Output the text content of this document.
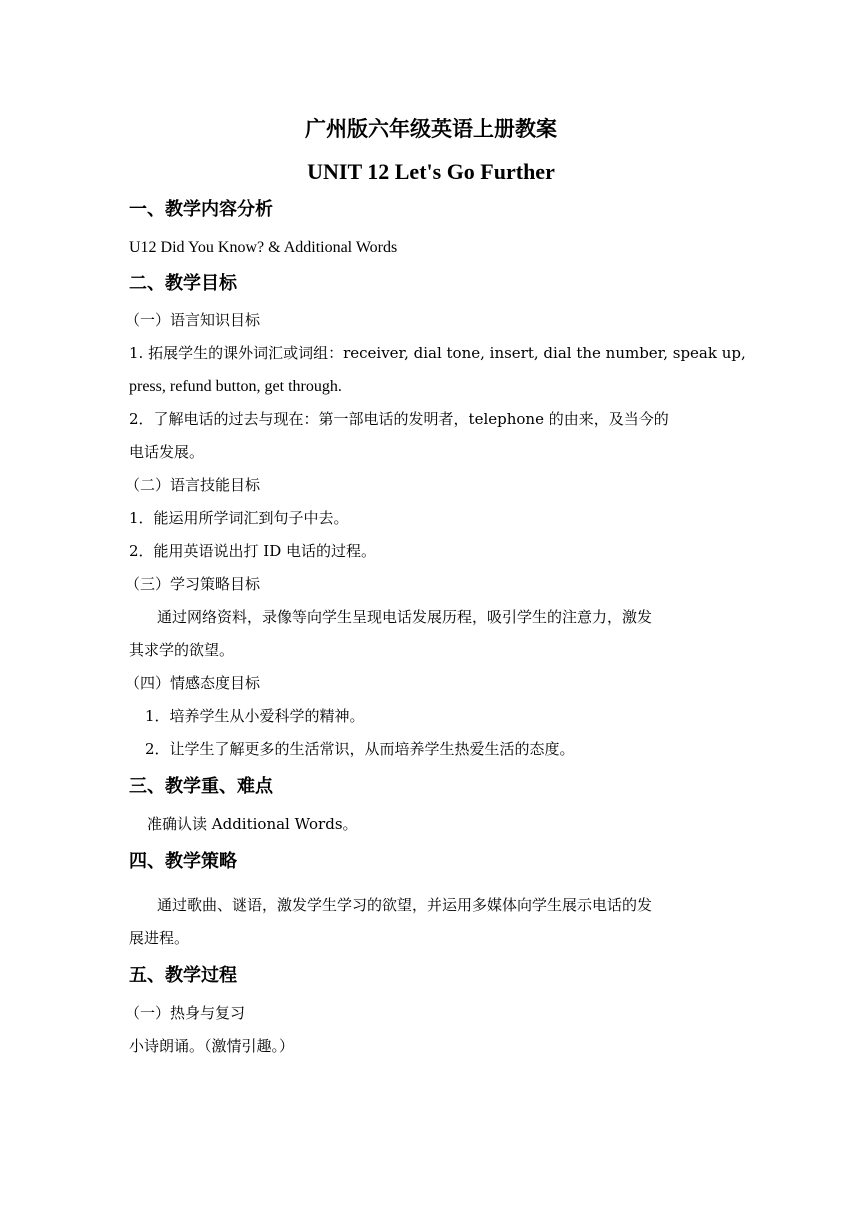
广州版六年级英语上册教案
UNIT 12 Let's Go Further
一、教学内容分析
U12 Did You Know? & Additional Words
二、教学目标
（一）语言知识目标
1. 拓展学生的课外词汇或词组：receiver, dial tone, insert, dial the number, speak up,
press, refund button, get through.
2．了解电话的过去与现在：第一部电话的发明者，telephone 的由来，及当今的
电话发展。
（二）语言技能目标
1．能运用所学词汇到句子中去。
2．能用英语说出打 ID 电话的过程。
（三）学习策略目标
通过网络资料，录像等向学生呈现电话发展历程，吸引学生的注意力，激发
其求学的欲望。
（四）情感态度目标
1．培养学生从小爱科学的精神。
2．让学生了解更多的生活常识，从而培养学生热爱生活的态度。
三、教学重、难点
准确认读 Additional Words。
四、教学策略
通过歌曲、谜语，激发学生学习的欲望，并运用多媒体向学生展示电话的发
展进程。
五、教学过程
（一）热身与复习
小诗朗诵。（激情引趣。）
